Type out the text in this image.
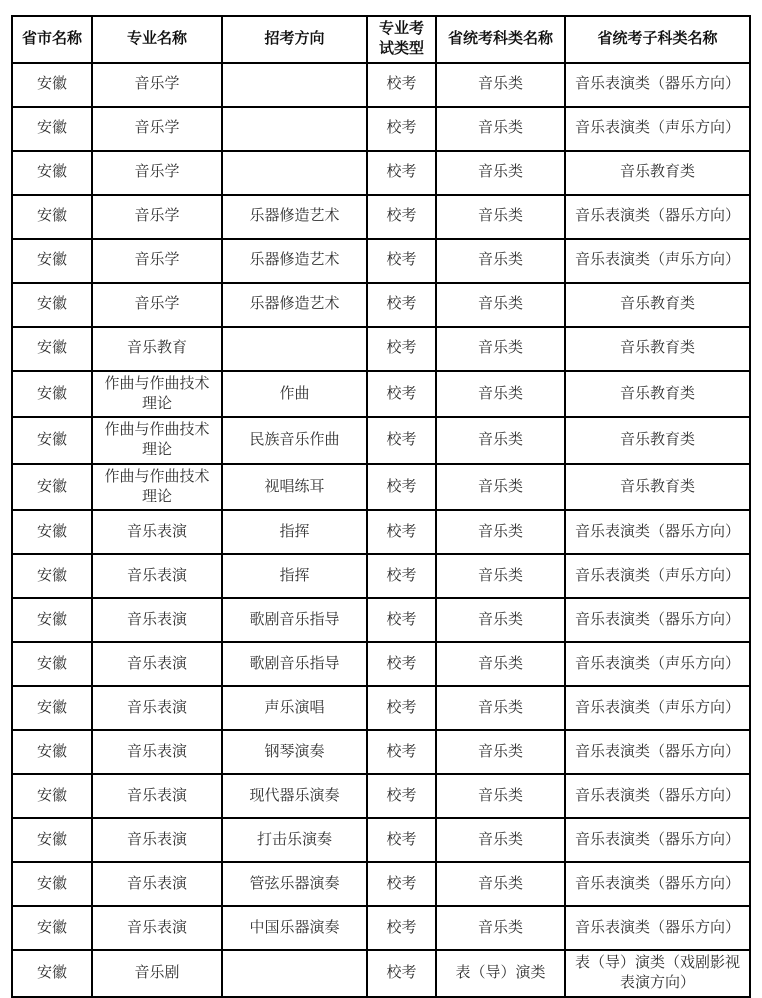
省市名称	专业名称	招考方向	专业考试类型	省统考科类名称	省统考子科类名称
安徽	音乐学		校考	音乐类	音乐表演类（器乐方向）
安徽	音乐学		校考	音乐类	音乐表演类（声乐方向）
安徽	音乐学		校考	音乐类	音乐教育类
安徽	音乐学	乐器修造艺术	校考	音乐类	音乐表演类（器乐方向）
安徽	音乐学	乐器修造艺术	校考	音乐类	音乐表演类（声乐方向）
安徽	音乐学	乐器修造艺术	校考	音乐类	音乐教育类
安徽	音乐教育		校考	音乐类	音乐教育类
安徽	作曲与作曲技术理论	作曲	校考	音乐类	音乐教育类
安徽	作曲与作曲技术理论	民族音乐作曲	校考	音乐类	音乐教育类
安徽	作曲与作曲技术理论	视唱练耳	校考	音乐类	音乐教育类
安徽	音乐表演	指挥	校考	音乐类	音乐表演类（器乐方向）
安徽	音乐表演	指挥	校考	音乐类	音乐表演类（声乐方向）
安徽	音乐表演	歌剧音乐指导	校考	音乐类	音乐表演类（器乐方向）
安徽	音乐表演	歌剧音乐指导	校考	音乐类	音乐表演类（声乐方向）
安徽	音乐表演	声乐演唱	校考	音乐类	音乐表演类（声乐方向）
安徽	音乐表演	钢琴演奏	校考	音乐类	音乐表演类（器乐方向）
安徽	音乐表演	现代器乐演奏	校考	音乐类	音乐表演类（器乐方向）
安徽	音乐表演	打击乐演奏	校考	音乐类	音乐表演类（器乐方向）
安徽	音乐表演	管弦乐器演奏	校考	音乐类	音乐表演类（器乐方向）
安徽	音乐表演	中国乐器演奏	校考	音乐类	音乐表演类（器乐方向）
安徽	音乐剧		校考	表（导）演类	表（导）演类（戏剧影视表演方向）
